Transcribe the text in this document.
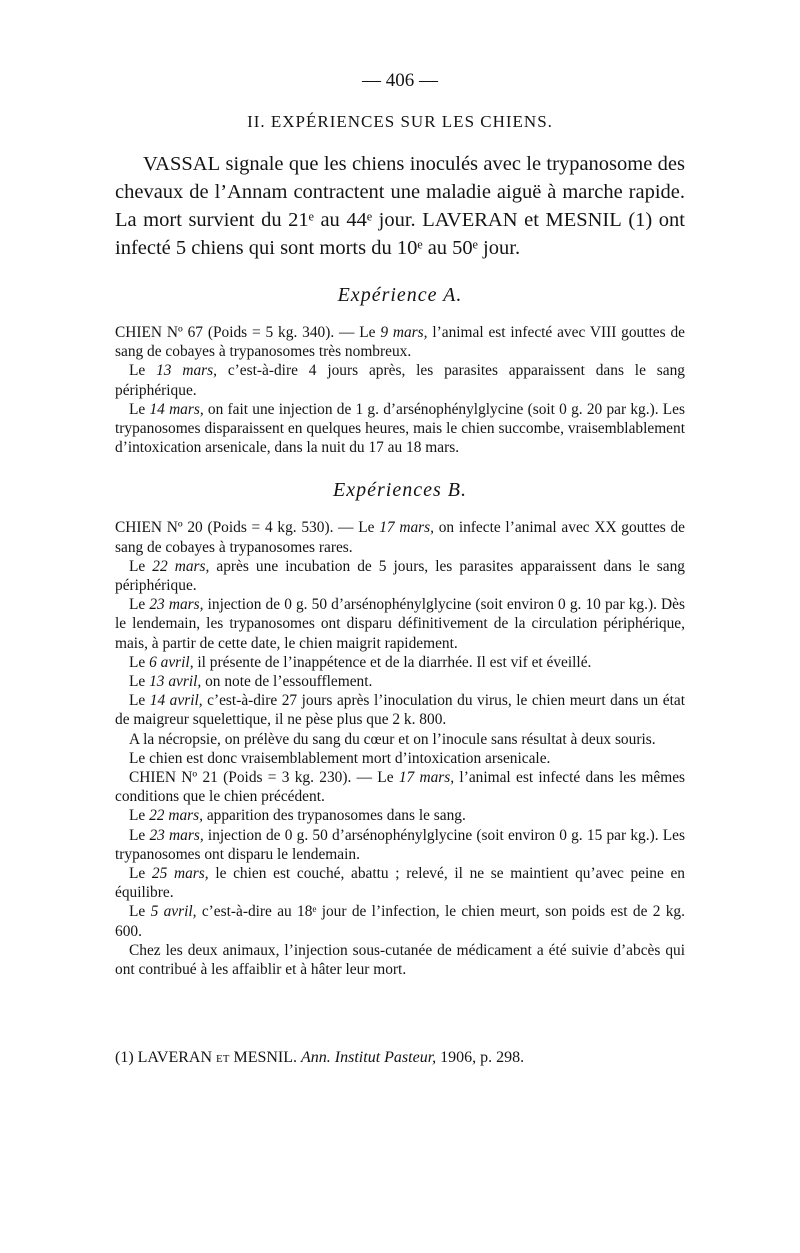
— 406 —
II. EXPÉRIENCES SUR LES CHIENS.

VASSAL signale que les chiens inoculés avec le trypanosome des chevaux de l’Annam contractent une maladie aiguë à marche rapide. La mort survient du 21ᵉ au 44ᵉ jour. LAVERAN et MESNIL (1) ont infecté 5 chiens qui sont morts du 10ᵉ au 50ᵉ jour.

Expérience A.

CHIEN Nº 67 (Poids = 5 kg. 340). — Le 9 mars, l’animal est infecté avec VIII gouttes de sang de cobayes à trypanosomes très nombreux.

Le 13 mars, c’est-à-dire 4 jours après, les parasites apparaissent dans le sang périphérique.

Le 14 mars, on fait une injection de 1 g. d’arsénophénylglycine (soit 0 g. 20 par kg.). Les trypanosomes disparaissent en quelques heures, mais le chien succombe, vraisemblablement d’intoxication arsenicale, dans la nuit du 17 au 18 mars.

Expériences B.

CHIEN Nº 20 (Poids = 4 kg. 530). — Le 17 mars, on infecte l’animal avec XX gouttes de sang de cobayes à trypanosomes rares.

Le 22 mars, après une incubation de 5 jours, les parasites apparaissent dans le sang périphérique.

Le 23 mars, injection de 0 g. 50 d’arsénophénylglycine (soit environ 0 g. 10 par kg.). Dès le lendemain, les trypanosomes ont disparu définitivement de la circulation périphérique, mais, à partir de cette date, le chien maigrit rapidement.

Le 6 avril, il présente de l’inappétence et de la diarrhée. Il est vif et éveillé.

Le 13 avril, on note de l’essoufflement.

Le 14 avril, c’est-à-dire 27 jours après l’inoculation du virus, le chien meurt dans un état de maigreur squelettique, il ne pèse plus que 2 k. 800.

A la nécropsie, on prélève du sang du cœur et on l’inocule sans résultat à deux souris.

Le chien est donc vraisemblablement mort d’intoxication arsenicale.

CHIEN Nº 21 (Poids = 3 kg. 230). — Le 17 mars, l’animal est infecté dans les mêmes conditions que le chien précédent.

Le 22 mars, apparition des trypanosomes dans le sang.

Le 23 mars, injection de 0 g. 50 d’arsénophénylglycine (soit environ 0 g. 15 par kg.). Les trypanosomes ont disparu le lendemain.

Le 25 mars, le chien est couché, abattu ; relevé, il ne se maintient qu’avec peine en équilibre.

Le 5 avril, c’est-à-dire au 18ᵉ jour de l’infection, le chien meurt, son poids est de 2 kg. 600.

Chez les deux animaux, l’injection sous-cutanée de médicament a été suivie d’abcès qui ont contribué à les affaiblir et à hâter leur mort.

(1) LAVERAN et MESNIL. Ann. Institut Pasteur, 1906, p. 298.
